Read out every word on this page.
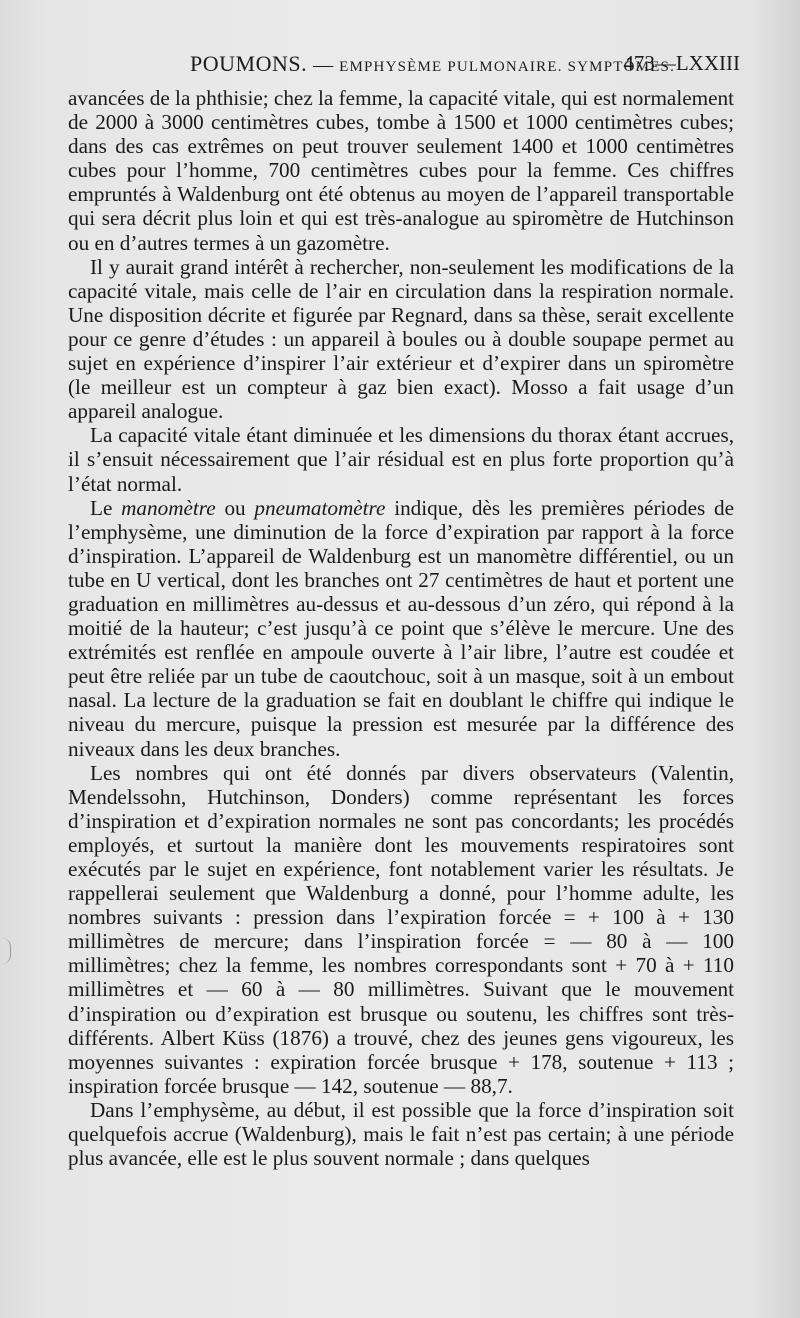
POUMONS. — EMPHYSÈME PULMONAIRE. SYMPTÔMES.
473—LXXIII

avancées de la phthisie; chez la femme, la capacité vitale, qui est normalement de 2000 à 3000 centimètres cubes, tombe à 1500 et 1000 centimètres cubes; dans des cas extrêmes on peut trouver seulement 1400 et 1000 centimètres cubes pour l’homme, 700 centimètres cubes pour la femme. Ces chiffres empruntés à Waldenburg ont été obtenus au moyen de l’appareil transportable qui sera décrit plus loin et qui est très-analogue au spiromètre de Hutchinson ou en d’autres termes à un gazomètre.

Il y aurait grand intérêt à rechercher, non-seulement les modifications de la capacité vitale, mais celle de l’air en circulation dans la respiration normale. Une disposition décrite et figurée par Regnard, dans sa thèse, serait excellente pour ce genre d’études : un appareil à boules ou à double soupape permet au sujet en expérience d’inspirer l’air extérieur et d’expirer dans un spiromètre (le meilleur est un compteur à gaz bien exact). Mosso a fait usage d’un appareil analogue.

La capacité vitale étant diminuée et les dimensions du thorax étant accrues, il s’ensuit nécessairement que l’air résidual est en plus forte proportion qu’à l’état normal.

Le manomètre ou pneumatomètre indique, dès les premières périodes de l’emphysème, une diminution de la force d’expiration par rapport à la force d’inspiration. L’appareil de Waldenburg est un manomètre différentiel, ou un tube en U vertical, dont les branches ont 27 centimètres de haut et portent une graduation en millimètres au-dessus et au-dessous d’un zéro, qui répond à la moitié de la hauteur; c’est jusqu’à ce point que s’élève le mercure. Une des extrémités est renflée en ampoule ouverte à l’air libre, l’autre est coudée et peut être reliée par un tube de caoutchouc, soit à un masque, soit à un embout nasal. La lecture de la graduation se fait en doublant le chiffre qui indique le niveau du mercure, puisque la pression est mesurée par la différence des niveaux dans les deux branches.

Les nombres qui ont été donnés par divers observateurs (Valentin, Mendelssohn, Hutchinson, Donders) comme représentant les forces d’inspiration et d’expiration normales ne sont pas concordants; les procédés employés, et surtout la manière dont les mouvements respiratoires sont exécutés par le sujet en expérience, font notablement varier les résultats. Je rappellerai seulement que Waldenburg a donné, pour l’homme adulte, les nombres suivants : pression dans l’expiration forcée = + 100 à + 130 millimètres de mercure; dans l’inspiration forcée = — 80 à — 100 millimètres; chez la femme, les nombres correspondants sont + 70 à + 110 millimètres et — 60 à — 80 millimètres. Suivant que le mouvement d’inspiration ou d’expiration est brusque ou soutenu, les chiffres sont très-différents. Albert Küss (1876) a trouvé, chez des jeunes gens vigoureux, les moyennes suivantes : expiration forcée brusque + 178, soutenue + 113 ; inspiration forcée brusque — 142, soutenue — 88,7.

Dans l’emphysème, au début, il est possible que la force d’inspiration soit quelquefois accrue (Waldenburg), mais le fait n’est pas certain; à une période plus avancée, elle est le plus souvent normale ; dans quelques
